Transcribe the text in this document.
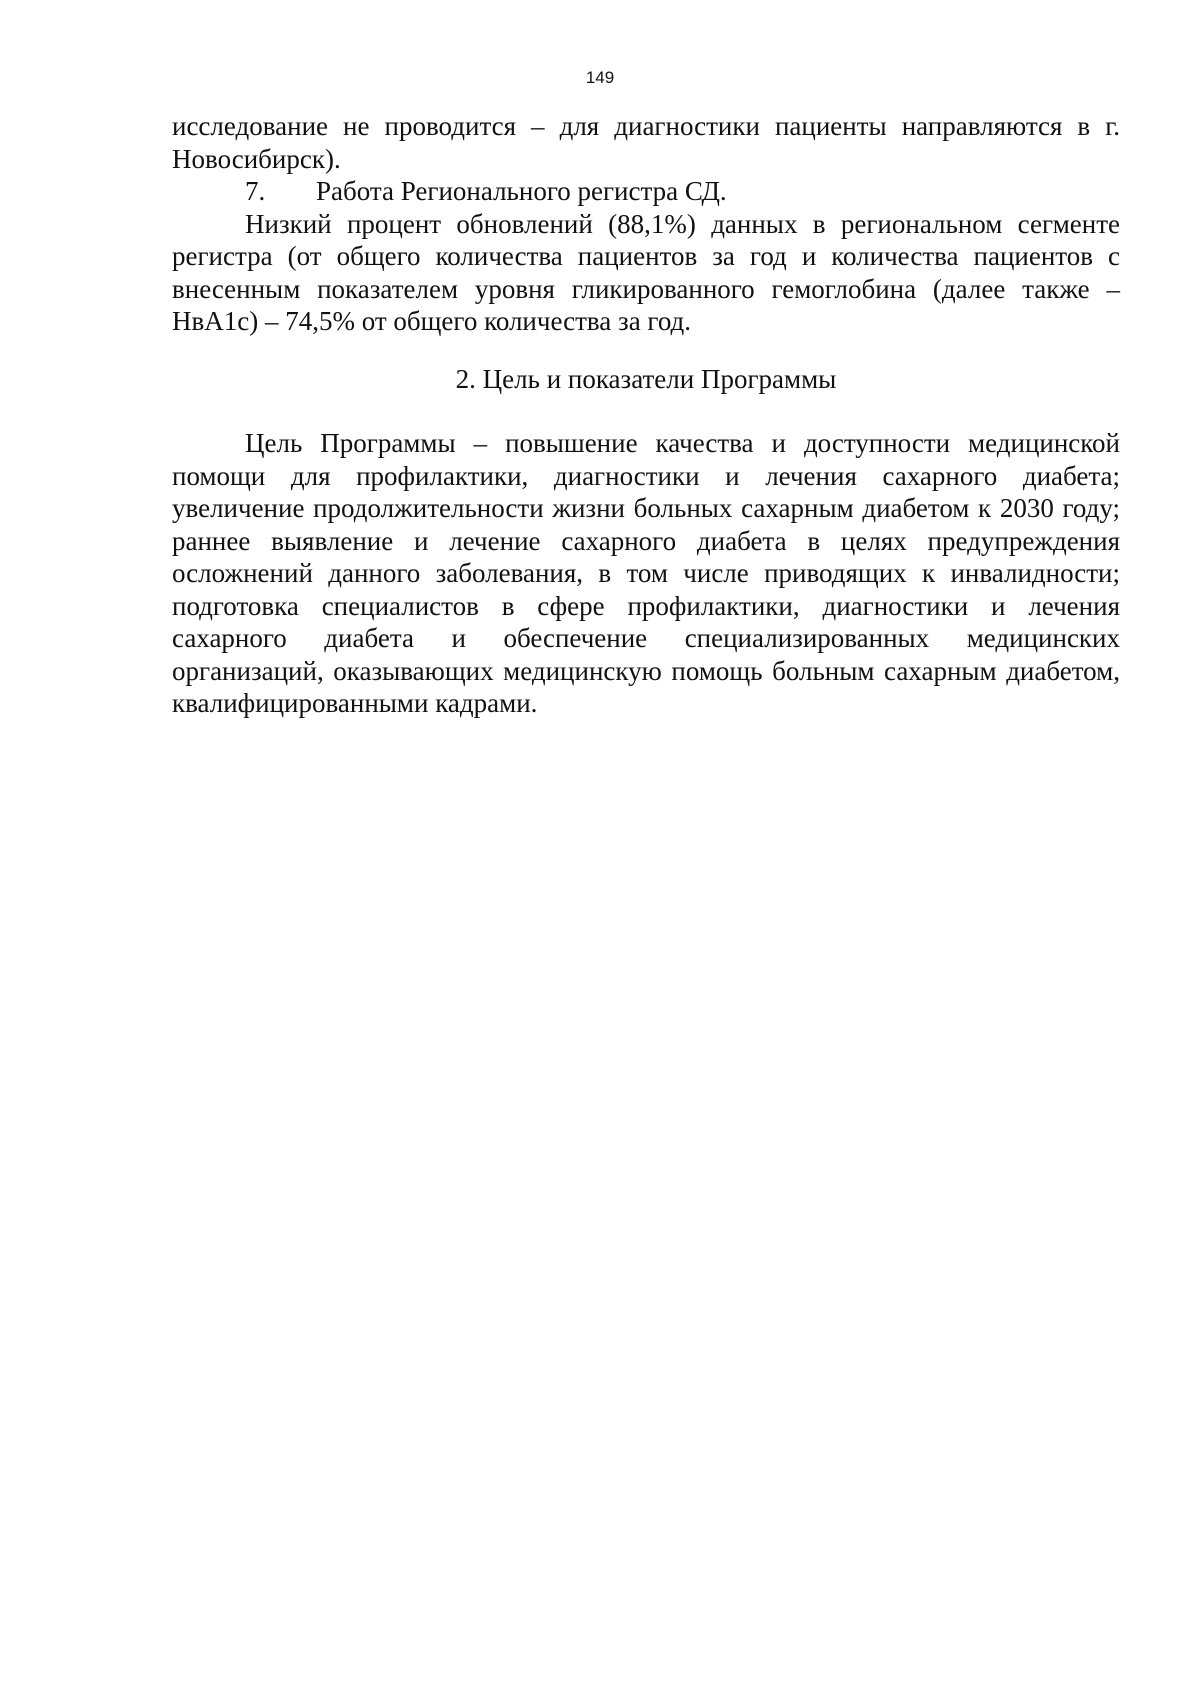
149

исследование не проводится – для диагностики пациенты направляются в г. Новосибирск).

7. Работа Регионального регистра СД.

Низкий процент обновлений (88,1%) данных в региональном сегменте регистра (от общего количества пациентов за год и количества пациентов с внесенным показателем уровня гликированного гемоглобина (далее также – НвА1с) – 74,5% от общего количества за год.

2. Цель и показатели Программы

Цель Программы – повышение качества и доступности медицинской помощи для профилактики, диагностики и лечения сахарного диабета; увеличение продолжительности жизни больных сахарным диабетом к 2030 году; раннее выявление и лечение сахарного диабета в целях предупреждения осложнений данного заболевания, в том числе приводящих к инвалидности; подготовка специалистов в сфере профилактики, диагностики и лечения сахарного диабета и обеспечение специализированных медицинских организаций, оказывающих медицинскую помощь больным сахарным диабетом, квалифицированными кадрами.
